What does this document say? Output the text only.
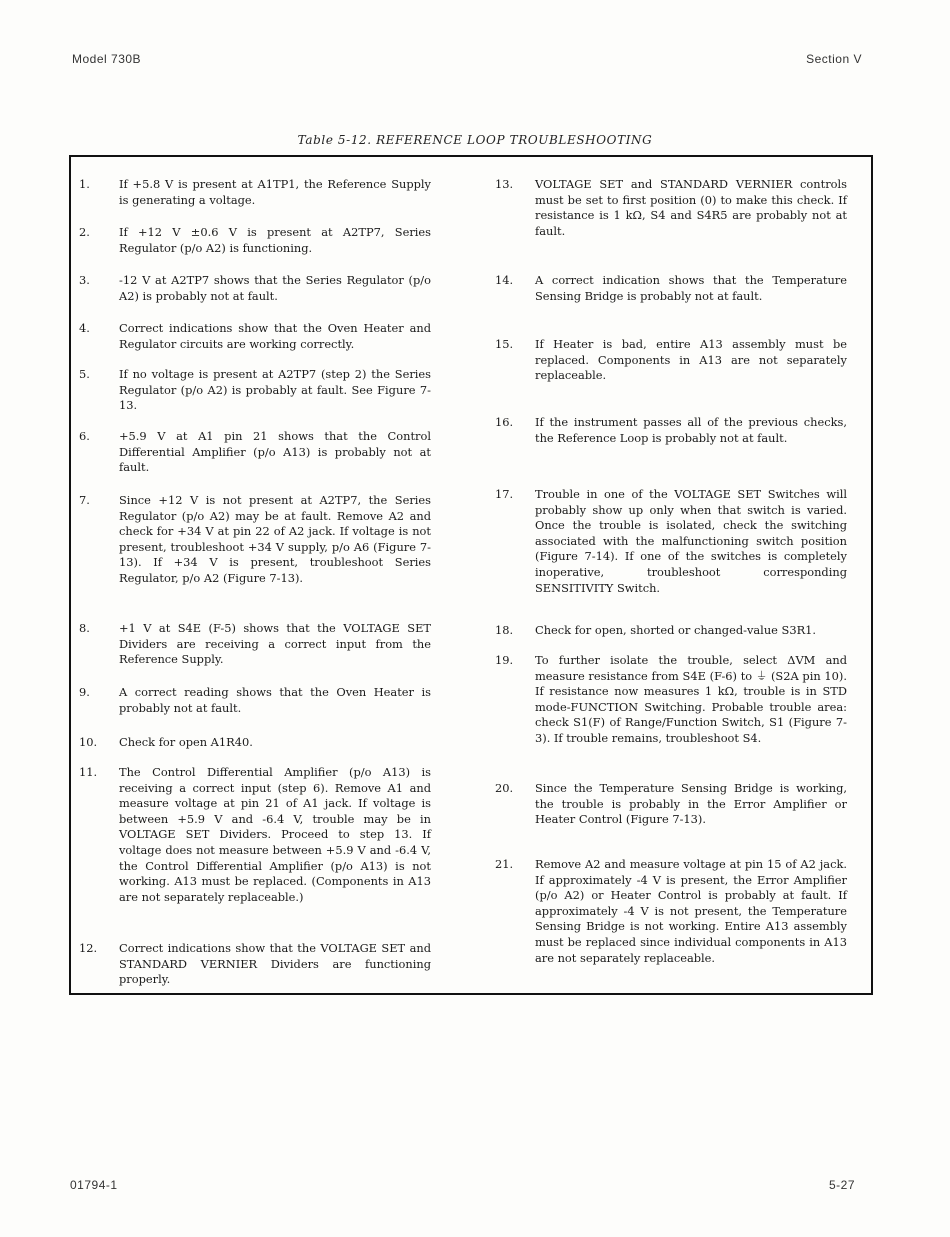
Model 730B	Section V
Table 5-12. REFERENCE LOOP TROUBLESHOOTING
1.	If +5.8 V is present at A1TP1, the Reference Supply is generating a voltage.
2.	If +12 V ±0.6 V is present at A2TP7, Series Regulator (p/o A2) is functioning.
3.	-12 V at A2TP7 shows that the Series Regulator (p/o A2) is probably not at fault.
4.	Correct indications show that the Oven Heater and Regulator circuits are working correctly.
5.	If no voltage is present at A2TP7 (step 2) the Series Regulator (p/o A2) is probably at fault. See Figure 7-13.
6.	+5.9 V at A1 pin 21 shows that the Control Differential Amplifier (p/o A13) is probably not at fault.
7.	Since +12 V is not present at A2TP7, the Series Regulator (p/o A2) may be at fault. Remove A2 and check for +34 V at pin 22 of A2 jack. If voltage is not present, troubleshoot +34 V supply, p/o A6 (Figure 7-13). If +34 V is present, troubleshoot Series Regulator, p/o A2 (Figure 7-13).
8.	+1 V at S4E (F-5) shows that the VOLTAGE SET Dividers are receiving a correct input from the Reference Supply.
9.	A correct reading shows that the Oven Heater is probably not at fault.
10.	Check for open A1R40.
11.	The Control Differential Amplifier (p/o A13) is receiving a correct input (step 6). Remove A1 and measure voltage at pin 21 of A1 jack. If voltage is between +5.9 V and -6.4 V, trouble may be in VOLTAGE SET Dividers. Proceed to step 13. If voltage does not measure between +5.9 V and -6.4 V, the Control Differential Amplifier (p/o A13) is not working. A13 must be replaced. (Components in A13 are not separately replaceable.)
12.	Correct indications show that the VOLTAGE SET and STANDARD VERNIER Dividers are functioning properly.
13.	VOLTAGE SET and STANDARD VERNIER controls must be set to first position (0) to make this check. If resistance is 1 kΩ, S4 and S4R5 are probably not at fault.
14.	A correct indication shows that the Temperature Sensing Bridge is probably not at fault.
15.	If Heater is bad, entire A13 assembly must be replaced. Components in A13 are not separately replaceable.
16.	If the instrument passes all of the previous checks, the Reference Loop is probably not at fault.
17.	Trouble in one of the VOLTAGE SET Switches will probably show up only when that switch is varied. Once the trouble is isolated, check the switching associated with the malfunctioning switch position (Figure 7-14). If one of the switches is completely inoperative, troubleshoot corresponding SENSITIVITY Switch.
18.	Check for open, shorted or changed-value S3R1.
19.	To further isolate the trouble, select ΔVM and measure resistance from S4E (F-6) to ⏚ (S2A pin 10). If resistance now measures 1 kΩ, trouble is in STD mode-FUNCTION Switching. Probable trouble area: check S1(F) of Range/Function Switch, S1 (Figure 7-3). If trouble remains, troubleshoot S4.
20.	Since the Temperature Sensing Bridge is working, the trouble is probably in the Error Amplifier or Heater Control (Figure 7-13).
21.	Remove A2 and measure voltage at pin 15 of A2 jack. If approximately -4 V is present, the Error Amplifier (p/o A2) or Heater Control is probably at fault. If approximately -4 V is not present, the Temperature Sensing Bridge is not working. Entire A13 assembly must be replaced since individual components in A13 are not separately replaceable.
01794-1	5-27
